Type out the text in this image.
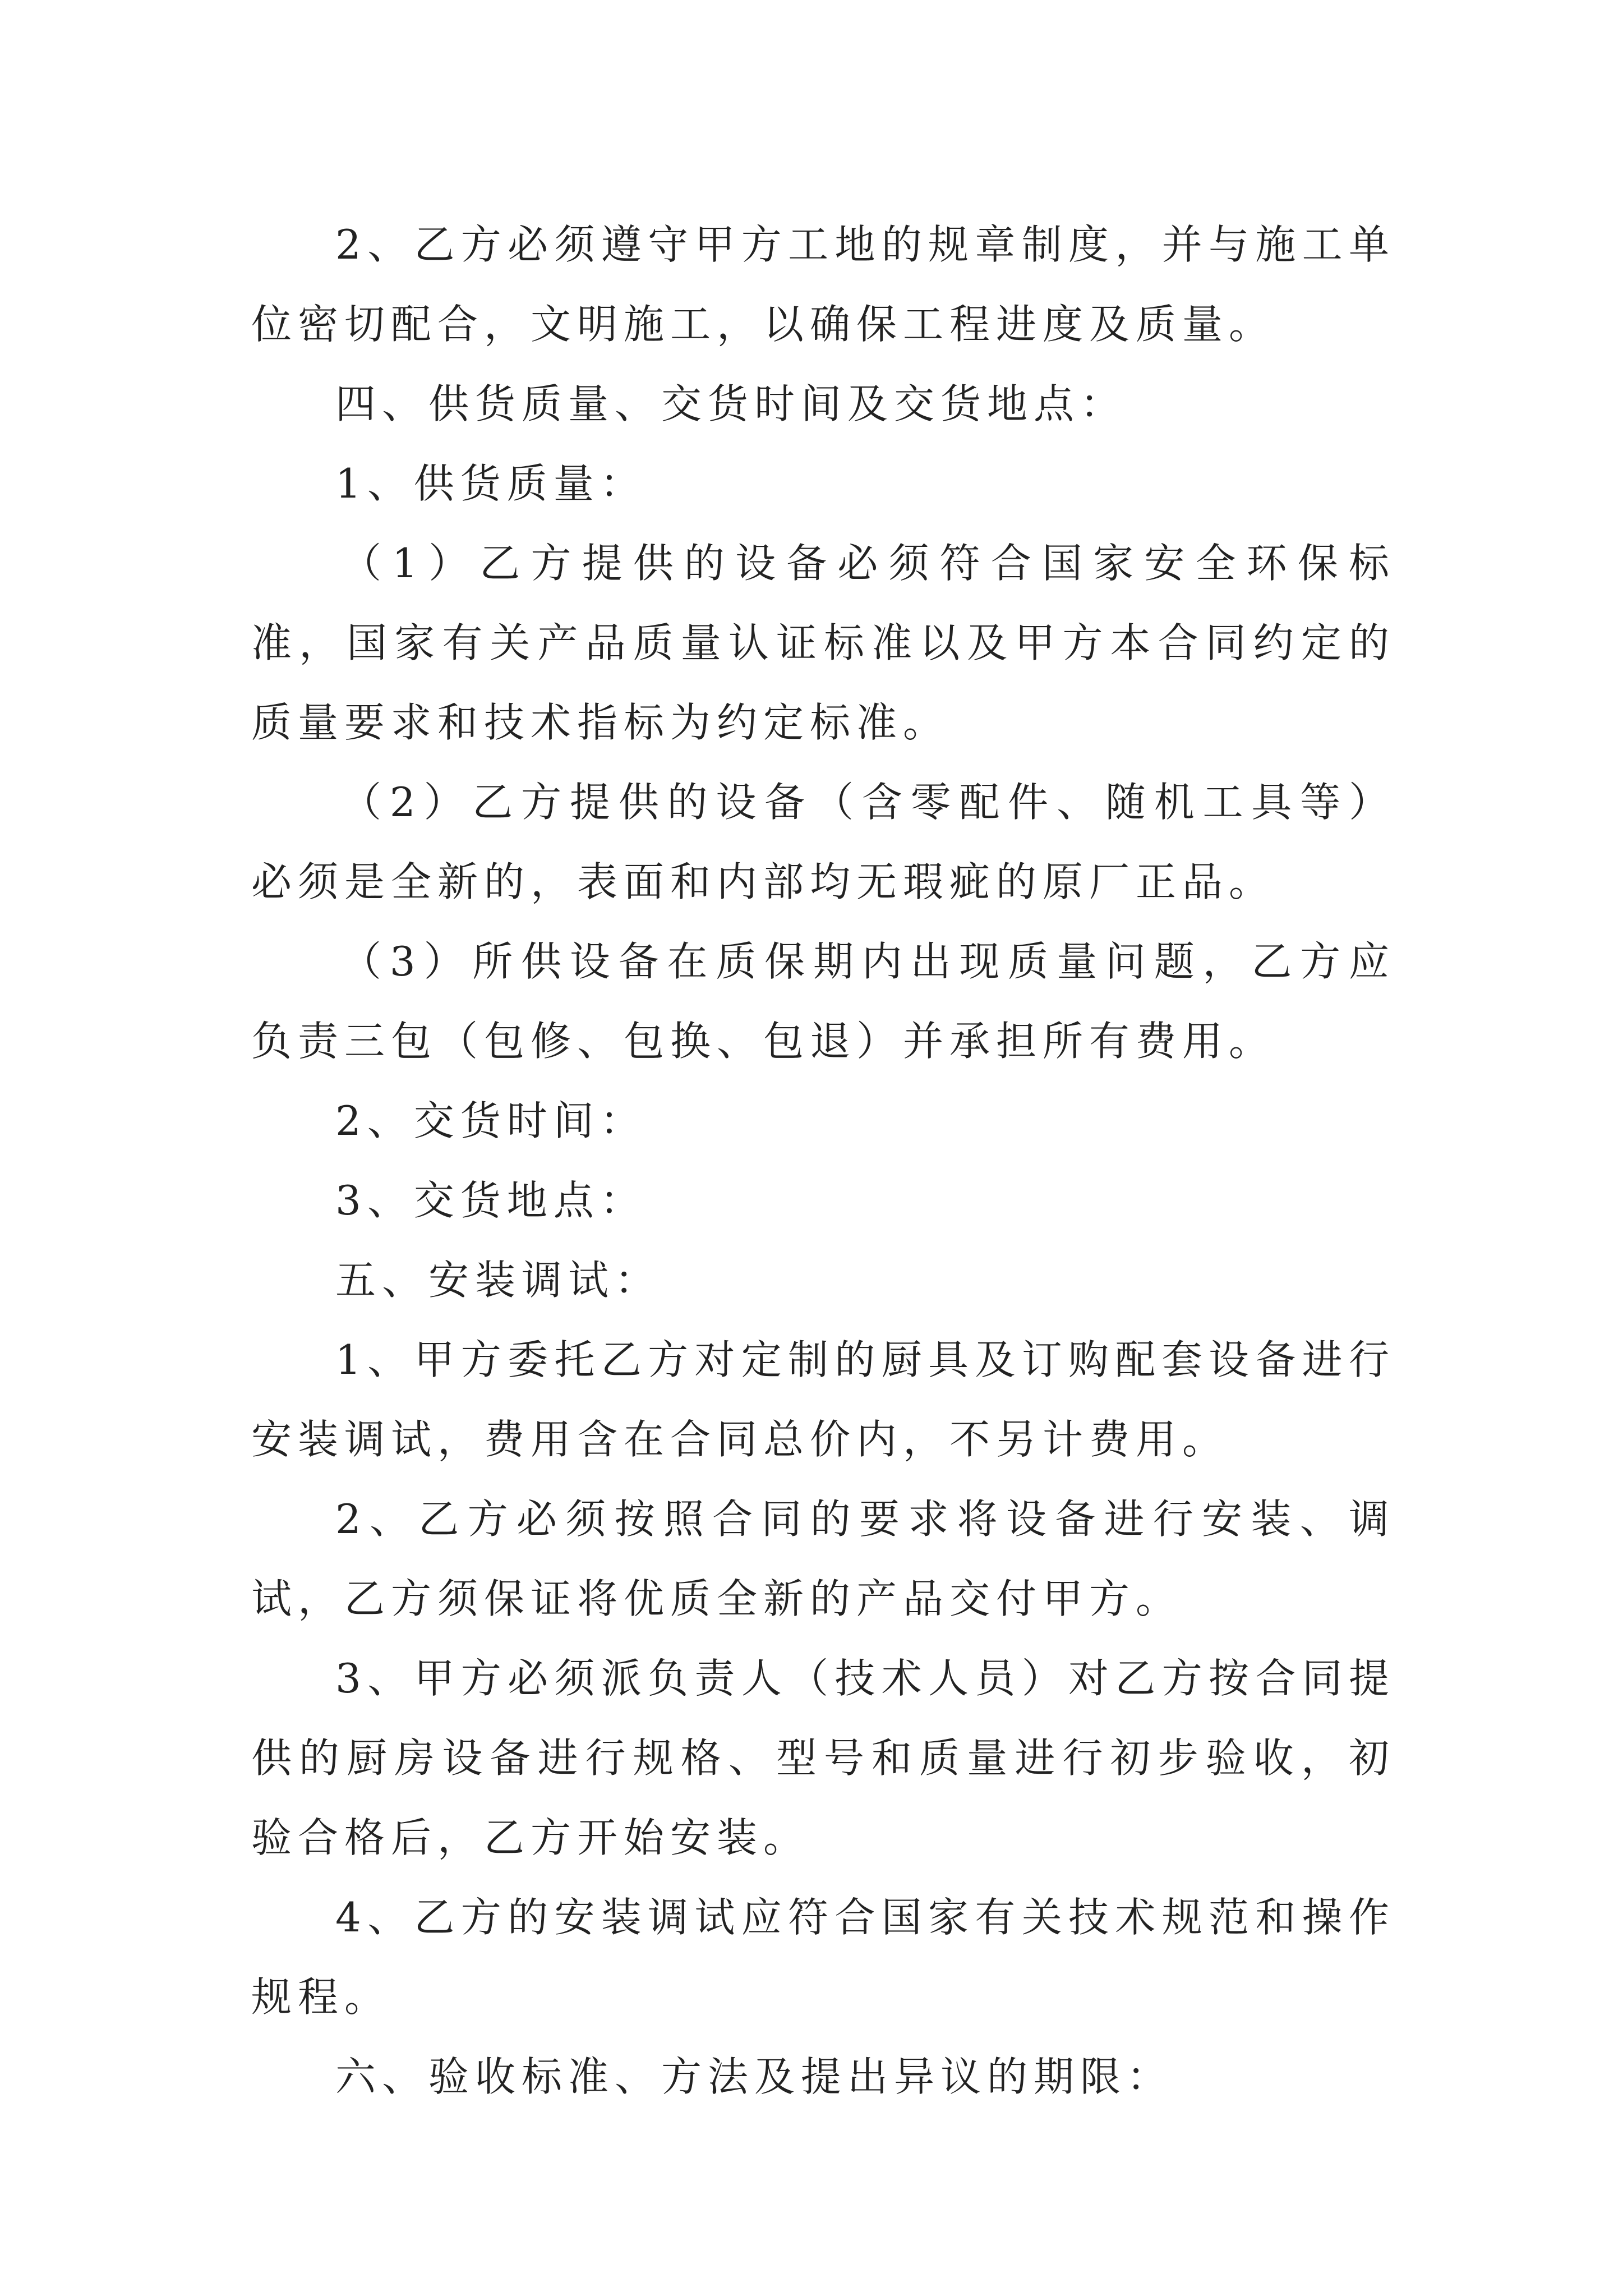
2、乙方必须遵守甲方工地的规章制度，并与施工单位密切配合，文明施工，以确保工程进度及质量。

四、供货质量、交货时间及交货地点：

1、供货质量：

（1）乙方提供的设备必须符合国家安全环保标准，国家有关产品质量认证标准以及甲方本合同约定的质量要求和技术指标为约定标准。

（2）乙方提供的设备（含零配件、随机工具等）必须是全新的，表面和内部均无瑕疵的原厂正品。

（3）所供设备在质保期内出现质量问题，乙方应负责三包（包修、包换、包退）并承担所有费用。

2、交货时间：

3、交货地点：

五、安装调试：

1、甲方委托乙方对定制的厨具及订购配套设备进行安装调试，费用含在合同总价内，不另计费用。

2、乙方必须按照合同的要求将设备进行安装、调试，乙方须保证将优质全新的产品交付甲方。

3、甲方必须派负责人（技术人员）对乙方按合同提供的厨房设备进行规格、型号和质量进行初步验收，初验合格后，乙方开始安装。

4、乙方的安装调试应符合国家有关技术规范和操作规程。

六、验收标准、方法及提出异议的期限：
